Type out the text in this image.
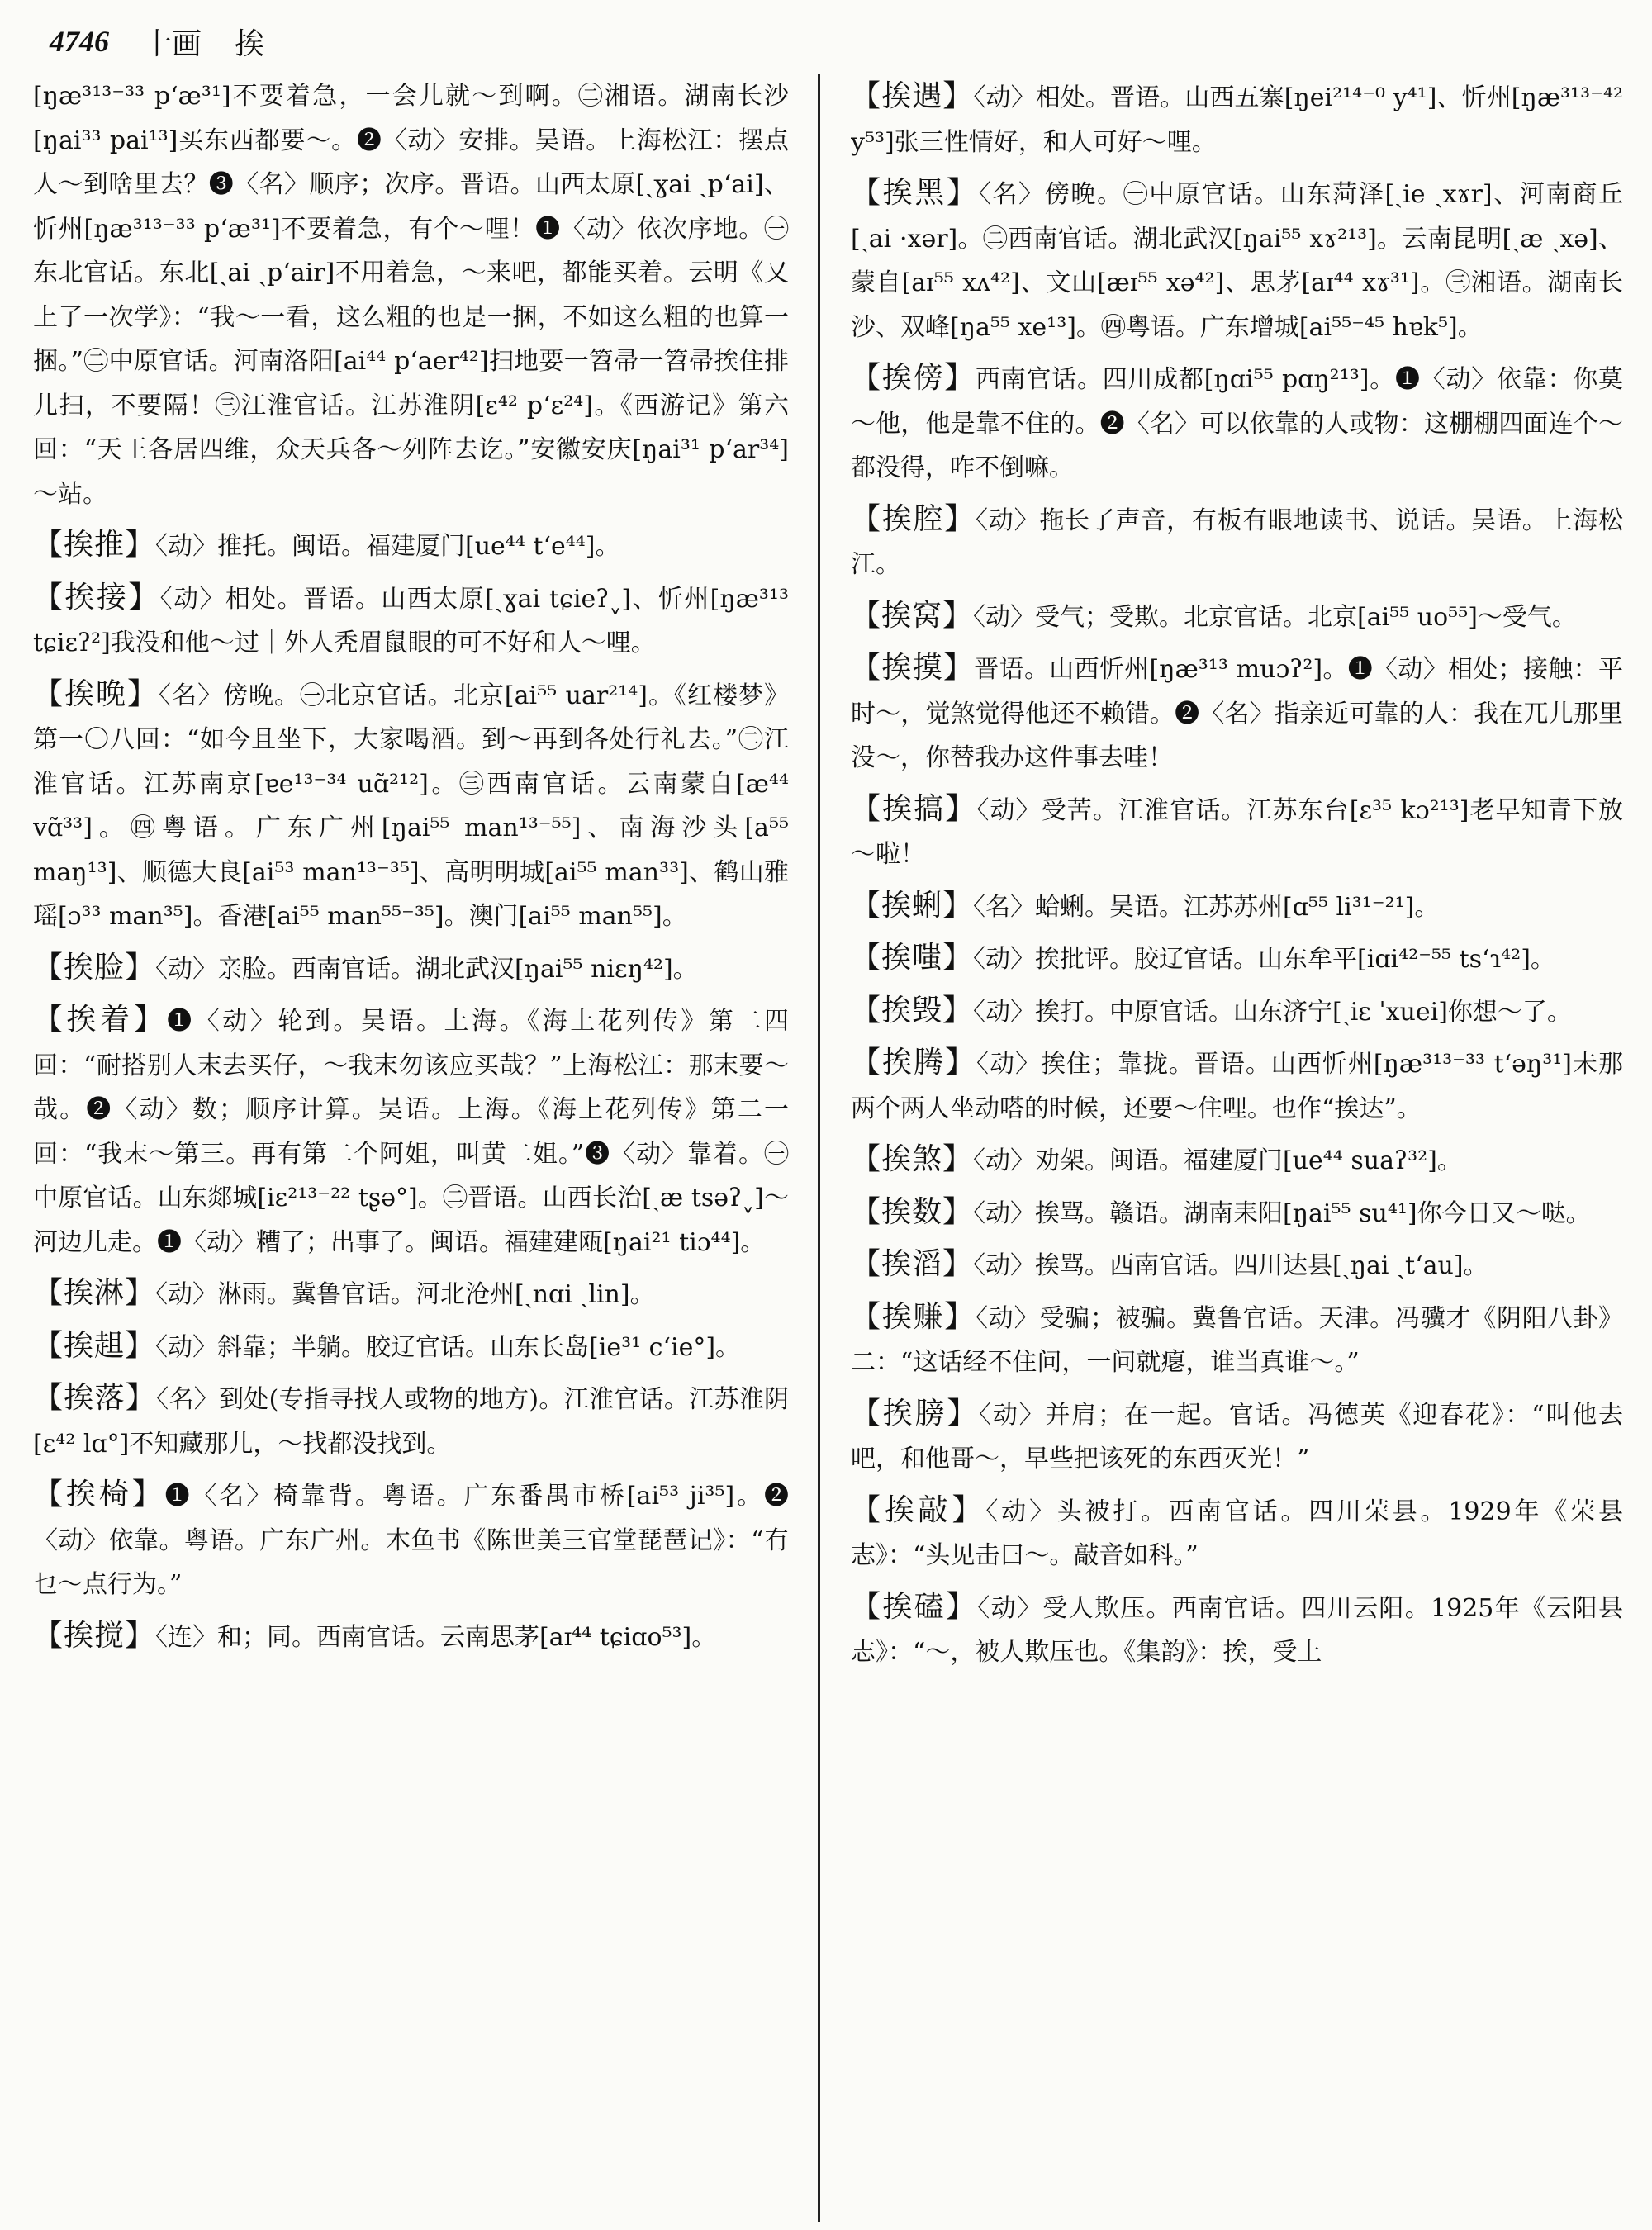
4746 十画 挨

[ŋæ³¹³⁻³³ p‘æ³¹]不要着急，一会儿就～到啊。㊁湘语。湖南长沙[ŋai³³ pai¹³]买东西都要～。❷〈动〉安排。吴语。上海松江：摆点人～到啥里去？❸〈名〉顺序；次序。晋语。山西太原[ˏɣai ˏp‘ai]、忻州[ŋæ³¹³⁻³³ p‘æ³¹]不要着急，有个～哩！❶〈动〉依次序地。㊀东北官话。东北[ˏai ˏp‘air]不用着急，～来吧，都能买着。云明《又上了一次学》：“我～一看，这么粗的也是一捆，不如这么粗的也算一捆。”㊁中原官话。河南洛阳[ai⁴⁴ p‘aer⁴²]扫地要一笤帚一笤帚挨住排儿扫，不要隔！㊂江淮官话。江苏淮阴[ɛ⁴² p‘ɛ²⁴]。《西游记》第六回：“天王各居四维，众天兵各～列阵去讫。”安徽安庆[ŋai³¹ p‘ar³⁴]～站。

【挨推】〈动〉推托。闽语。福建厦门[ue⁴⁴ t‘e⁴⁴]。

【挨接】〈动〉相处。晋语。山西太原[ˏɣai tɕieʔˬ]、忻州[ŋæ³¹³ tɕiɛʔ²]我没和他～过｜外人秃眉鼠眼的可不好和人～哩。

【挨晚】〈名〉傍晚。㊀北京官话。北京[ai⁵⁵ uar²¹⁴]。《红楼梦》第一〇八回：“如今且坐下，大家喝酒。到～再到各处行礼去。”㊁江淮官话。江苏南京[ɐe¹³⁻³⁴ uɑ̃²¹²]。㊂西南官话。云南蒙自[æ⁴⁴ vɑ̃³³]。㊃粤语。广东广州[ŋai⁵⁵ man¹³⁻⁵⁵]、南海沙头[a⁵⁵ maŋ¹³]、顺德大良[ai⁵³ man¹³⁻³⁵]、高明明城[ai⁵⁵ man³³]、鹤山雅瑶[ɔ³³ man³⁵]。香港[ai⁵⁵ man⁵⁵⁻³⁵]。澳门[ai⁵⁵ man⁵⁵]。

【挨脸】〈动〉亲脸。西南官话。湖北武汉[ŋai⁵⁵ niɛŋ⁴²]。

【挨着】❶〈动〉轮到。吴语。上海。《海上花列传》第二四回：“耐搭别人末去买仔，～我末勿该应买哉？”上海松江：那末要～哉。❷〈动〉数；顺序计算。吴语。上海。《海上花列传》第二一回：“我末～第三。再有第二个阿姐，叫黄二姐。”❸〈动〉靠着。㊀中原官话。山东郯城[iɛ²¹³⁻²² tʂə°]。㊁晋语。山西长治[ˏæ tsəʔˬ]～河边儿走。❶〈动〉糟了；出事了。闽语。福建建瓯[ŋai²¹ tiɔ⁴⁴]。

【挨淋】〈动〉淋雨。冀鲁官话。河北沧州[ˏnɑi ˏlin]。

【挨趄】〈动〉斜靠；半躺。胶辽官话。山东长岛[ie³¹ c‘ie°]。

【挨落】〈名〉到处(专指寻找人或物的地方)。江淮官话。江苏淮阴[ɛ⁴² lɑ°]不知藏那儿，～找都没找到。

【挨椅】❶〈名〉椅靠背。粤语。广东番禺市桥[ai⁵³ ji³⁵]。❷〈动〉依靠。粤语。广东广州。木鱼书《陈世美三官堂琵琶记》：“冇乜～点行为。”

【挨搅】〈连〉和；同。西南官话。云南思茅[aɪ⁴⁴ tɕiɑo⁵³]。

【挨遇】〈动〉相处。晋语。山西五寨[ŋei²¹⁴⁻⁰ y⁴¹]、忻州[ŋæ³¹³⁻⁴² y⁵³]张三性情好，和人可好～哩。

【挨黑】〈名〉傍晚。㊀中原官话。山东菏泽[ˏie ˏxɤr]、河南商丘[ˏai ·xər]。㊁西南官话。湖北武汉[ŋai⁵⁵ xɤ²¹³]。云南昆明[ˏæ ˏxə]、蒙自[aɪ⁵⁵ xʌ⁴²]、文山[æɪ⁵⁵ xə⁴²]、思茅[aɪ⁴⁴ xɤ³¹]。㊂湘语。湖南长沙、双峰[ŋa⁵⁵ xe¹³]。㊃粤语。广东增城[ai⁵⁵⁻⁴⁵ hɐk⁵]。

【挨傍】西南官话。四川成都[ŋɑi⁵⁵ pɑŋ²¹³]。❶〈动〉依靠：你莫～他，他是靠不住的。❷〈名〉可以依靠的人或物：这棚棚四面连个～都没得，咋不倒嘛。

【挨腔】〈动〉拖长了声音，有板有眼地读书、说话。吴语。上海松江。

【挨窝】〈动〉受气；受欺。北京官话。北京[ai⁵⁵ uo⁵⁵]～受气。

【挨摸】晋语。山西忻州[ŋæ³¹³ muɔʔ²]。❶〈动〉相处；接触：平时～，觉煞觉得他还不赖错。❷〈名〉指亲近可靠的人：我在兀儿那里没～，你替我办这件事去哇！

【挨搞】〈动〉受苦。江淮官话。江苏东台[ɛ³⁵ kɔ²¹³]老早知青下放～啦！

【挨蜊】〈名〉蛤蜊。吴语。江苏苏州[ɑ⁵⁵ li³¹⁻²¹]。

【挨嗤】〈动〉挨批评。胶辽官话。山东牟平[iɑi⁴²⁻⁵⁵ ts‘ɿ⁴²]。

【挨毁】〈动〉挨打。中原官话。山东济宁[ˏiɛ ˈxuei]你想～了。

【挨腾】〈动〉挨住；靠拢。晋语。山西忻州[ŋæ³¹³⁻³³ t‘əŋ³¹]未那两个两人坐动嗒的时候，还要～住哩。也作“挨达”。

【挨煞】〈动〉劝架。闽语。福建厦门[ue⁴⁴ suaʔ³²]。

【挨数】〈动〉挨骂。赣语。湖南耒阳[ŋai⁵⁵ su⁴¹]你今日又～哒。

【挨滔】〈动〉挨骂。西南官话。四川达县[ˏŋai ˏt‘au]。

【挨赚】〈动〉受骗；被骗。冀鲁官话。天津。冯骥才《阴阳八卦》二：“这话经不住问，一问就瘪，谁当真谁～。”

【挨膀】〈动〉并肩；在一起。官话。冯德英《迎春花》：“叫他去吧，和他哥～，早些把该死的东西灭光！”

【挨敲】〈动〉头被打。西南官话。四川荣县。1929年《荣县志》：“头见击曰～。敲音如科。”

【挨磕】〈动〉受人欺压。西南官话。四川云阳。1925年《云阳县志》：“～，被人欺压也。《集韵》：挨，受上
